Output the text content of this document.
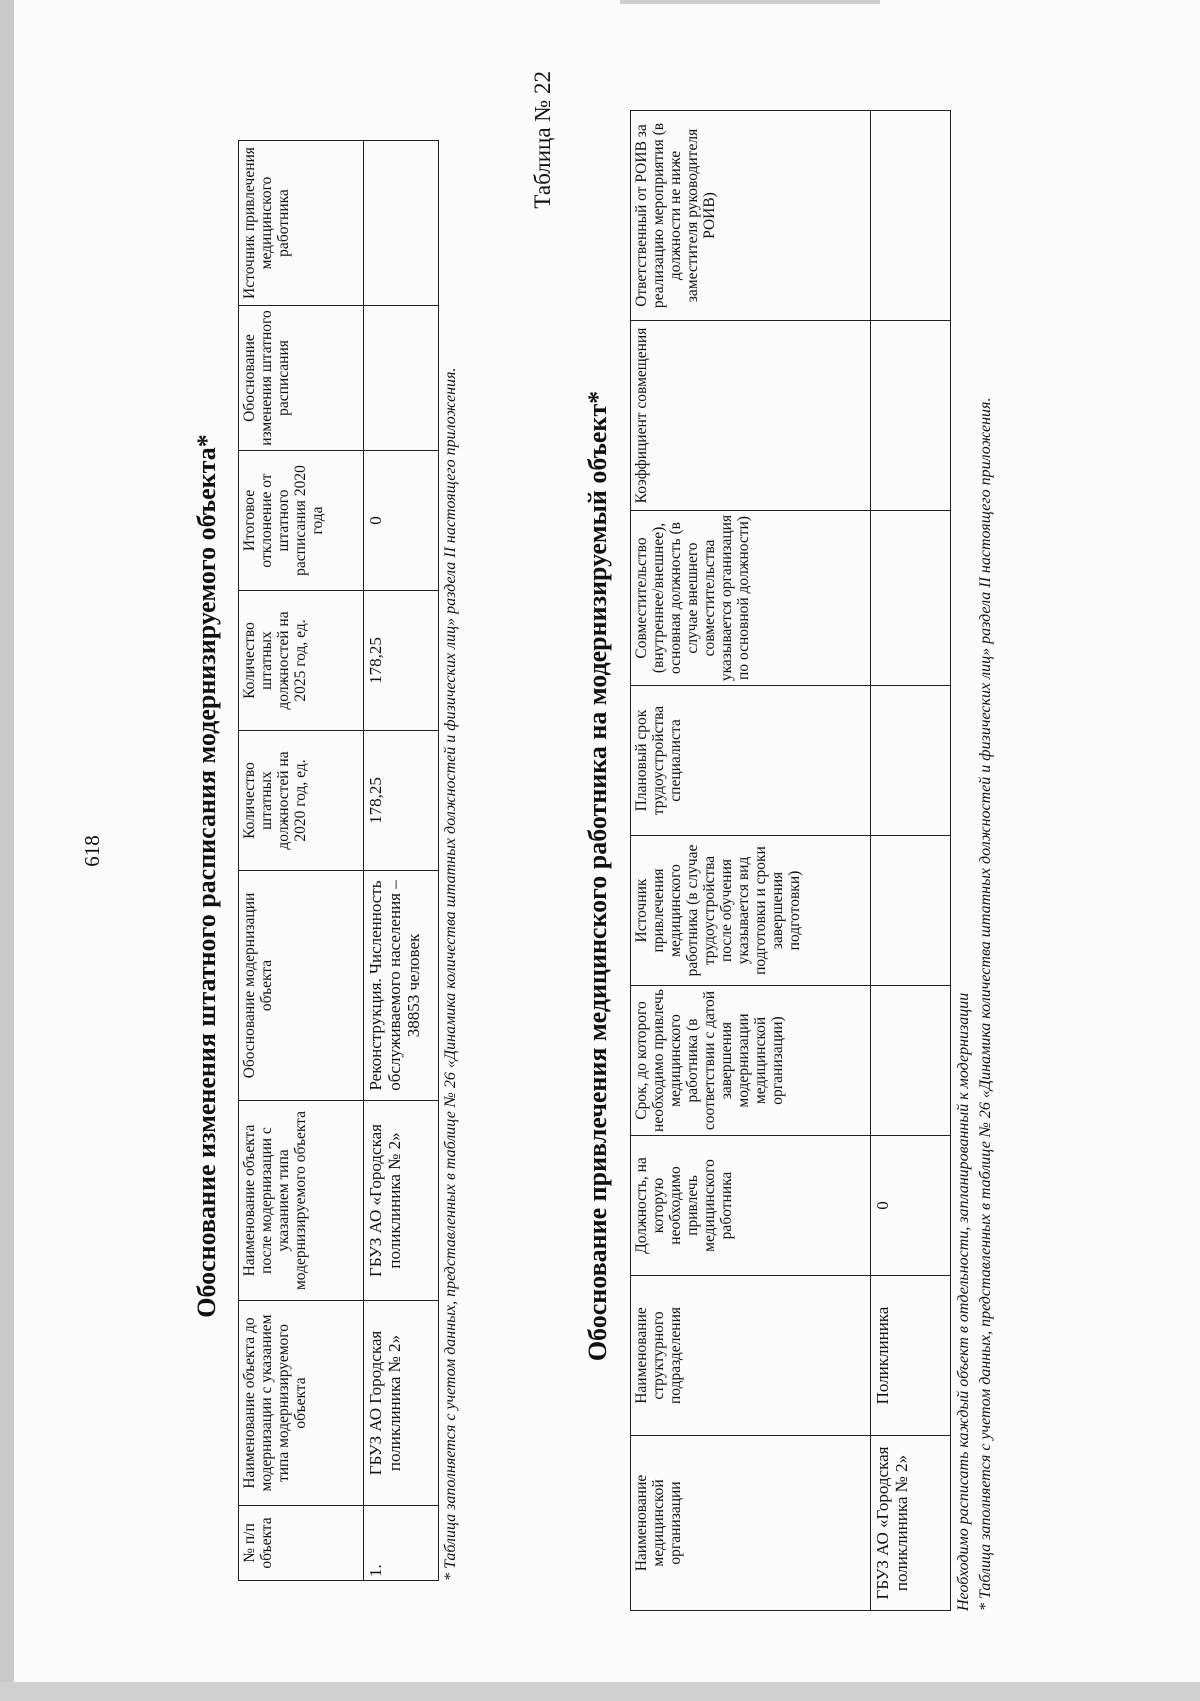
618	Обоснование изменения штатного расписания модернизируемого объекта*
№ п/п объекта	Наименование объекта до модернизации с указанием типа модернизируемого объекта	Наименование объекта после модернизации с указанием типа модернизируемого объекта	Обоснование модернизации объекта	Количество штатных должностей на 2020 год, ед.	Количество штатных должностей на 2025 год, ед.	Итоговое отклонение от штатного расписания 2020 года	Обоснование изменения штатного расписания	Источник привлечения медицинского работника
1.	ГБУЗ АО Городская поликлиника № 2»	ГБУЗ АО «Городская поликлиника № 2»	Реконструкция. Численность обслуживаемого населения – 38853 человек	178,25	178,25	0			* Таблица заполняется с учетом данных, представленных в таблице № 26 «Динамика количества штатных должностей и физических лиц» раздела II настоящего приложения.
Таблица № 22
Обоснование привлечения медицинского работника на модернизируемый объект*
Наименование медицинской организации	Наименование структурного подразделения	Должность, на которую необходимо привлечь медицинского работника	Срок, до которого необходимо привлечь медицинского работника (в соответствии с датой завершения модернизации медицинской организации)	Источник привлечения медицинского работника (в случае трудоустройства после обучения указывается вид подготовки и сроки завершения подготовки)	Плановый срок трудоустройства специалиста	Совместительство (внутреннее/внешнее), основная должность (в случае внешнего совместительства указывается организация по основной должности)	Коэффициент совмещения	Ответственный от РОИВ за реализацию мероприятия (в должности не ниже заместителя руководителя РОИВ)
ГБУЗ АО «Городская поликлиника № 2»	Поликлиника	0							Необходимо расписать каждый объект в отдельности, запланированный к модернизации * Таблица заполняется с учетом данных, представленных в таблице № 26 «Динамика количества штатных должностей и физических лиц» раздела II настоящего приложения.
